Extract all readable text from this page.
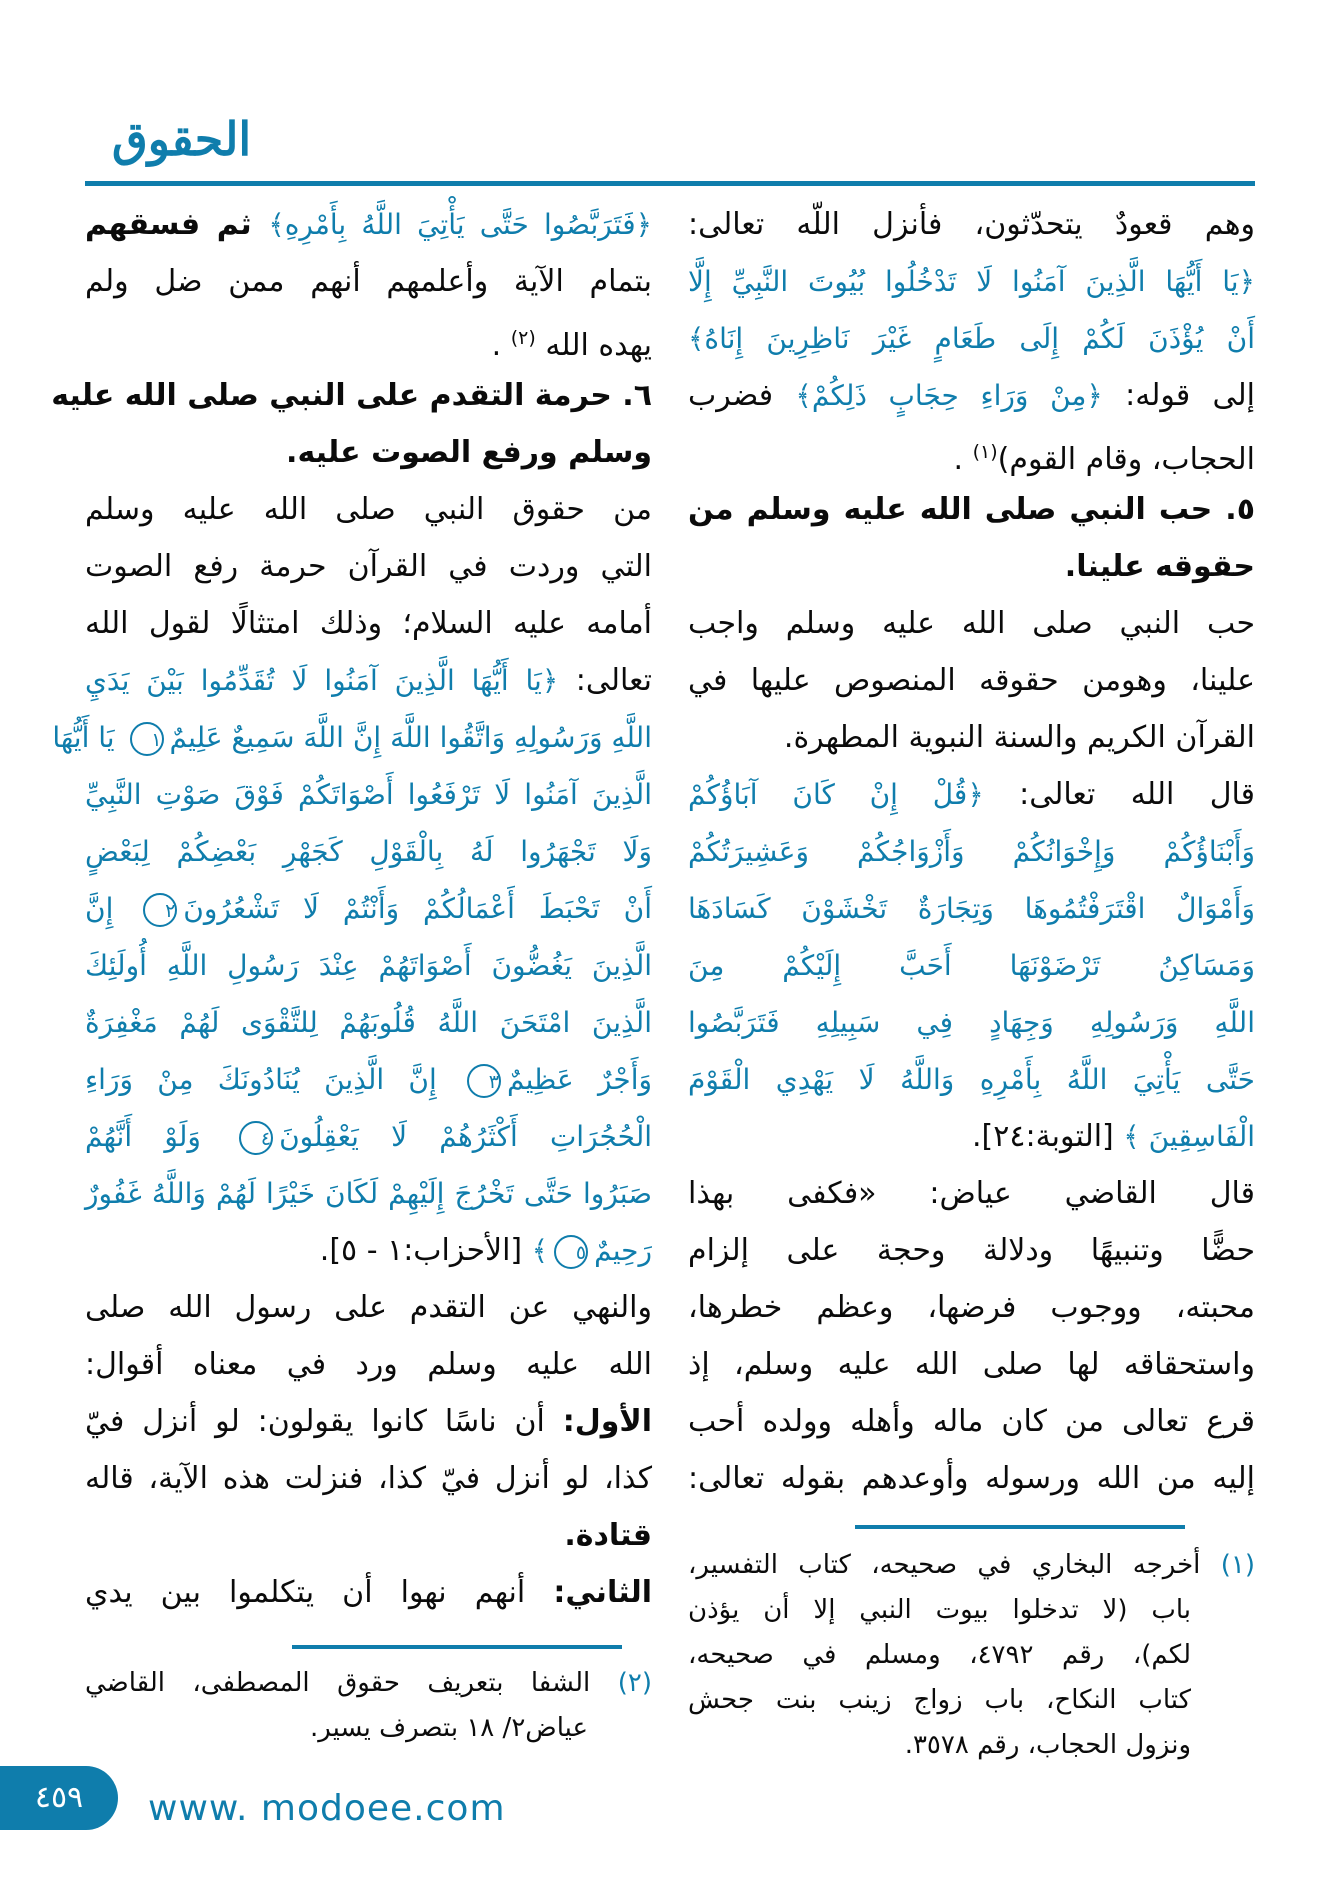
الحقوق
وهم قعودٌ يتحدّثون، فأنزل اللّه تعالى:
﴿يَا أَيُّهَا الَّذِينَ آمَنُوا لَا تَدْخُلُوا بُيُوتَ النَّبِيِّ إِلَّا
أَنْ يُؤْذَنَ لَكُمْ إِلَى طَعَامٍ غَيْرَ نَاظِرِينَ إِنَاهُ﴾
إلى قوله: ﴿مِنْ وَرَاءِ حِجَابٍ ذَلِكُمْ﴾ فضرب
الحجاب، وقام القوم)$^{(١)}$ .
٥. حب النبي صلى الله عليه وسلم من
حقوقه علينا.
حب النبي صلى الله عليه وسلم واجب
علينا، وهومن حقوقه المنصوص عليها في
القرآن الكريم والسنة النبوية المطهرة.
قال الله تعالى: ﴿قُلْ إِنْ كَانَ آبَاؤُكُمْ
وَأَبْنَاؤُكُمْ وَإِخْوَانُكُمْ وَأَزْوَاجُكُمْ وَعَشِيرَتُكُمْ
وَأَمْوَالٌ اقْتَرَفْتُمُوهَا وَتِجَارَةٌ تَخْشَوْنَ كَسَادَهَا
وَمَسَاكِنُ تَرْضَوْنَهَا أَحَبَّ إِلَيْكُمْ مِنَ
اللَّهِ وَرَسُولِهِ وَجِهَادٍ فِي سَبِيلِهِ فَتَرَبَّصُوا
حَتَّى يَأْتِيَ اللَّهُ بِأَمْرِهِ وَاللَّهُ لَا يَهْدِي الْقَوْمَ
الْفَاسِقِينَ ﴾ [التوبة:٢٤].
قال القاضي عياض: «فكفى بهذا
حضًّا وتنبيهًا ودلالة وحجة على إلزام
محبته، ووجوب فرضها، وعظم خطرها،
واستحقاقه لها صلى الله عليه وسلم، إذ
قرع تعالى من كان ماله وأهله وولده أحب
إليه من الله ورسوله وأوعدهم بقوله تعالى:
(١) أخرجه البخاري في صحيحه، كتاب التفسير،
باب (لا تدخلوا بيوت النبي إلا أن يؤذن
لكم)، رقم ٤٧٩٢، ومسلم في صحيحه،
كتاب النكاح، باب زواج زينب بنت جحش
ونزول الحجاب، رقم ٣٥٧٨.
﴿فَتَرَبَّصُوا حَتَّى يَأْتِيَ اللَّهُ بِأَمْرِهِ﴾ ثم فسقهم
بتمام الآية وأعلمهم أنهم ممن ضل ولم
يهده الله $^{(٢)}$ .
٦. حرمة التقدم على النبي صلى الله عليه
وسلم ورفع الصوت عليه.
من حقوق النبي صلى الله عليه وسلم
التي وردت في القرآن حرمة رفع الصوت
أمامه عليه السلام؛ وذلك امتثالًا لقول الله
تعالى: ﴿يَا أَيُّهَا الَّذِينَ آمَنُوا لَا تُقَدِّمُوا بَيْنَ يَدَيِ
اللَّهِ وَرَسُولِهِ وَاتَّقُوا اللَّهَ إِنَّ اللَّهَ سَمِيعٌ عَلِيمٌ١ يَا أَيُّهَا
الَّذِينَ آمَنُوا لَا تَرْفَعُوا أَصْوَاتَكُمْ فَوْقَ صَوْتِ النَّبِيِّ
وَلَا تَجْهَرُوا لَهُ بِالْقَوْلِ كَجَهْرِ بَعْضِكُمْ لِبَعْضٍ
أَنْ تَحْبَطَ أَعْمَالُكُمْ وَأَنْتُمْ لَا تَشْعُرُونَ٢ إِنَّ
الَّذِينَ يَغُضُّونَ أَصْوَاتَهُمْ عِنْدَ رَسُولِ اللَّهِ أُولَئِكَ
الَّذِينَ امْتَحَنَ اللَّهُ قُلُوبَهُمْ لِلتَّقْوَى لَهُمْ مَغْفِرَةٌ
وَأَجْرٌ عَظِيمٌ٣ إِنَّ الَّذِينَ يُنَادُونَكَ مِنْ وَرَاءِ
الْحُجُرَاتِ أَكْثَرُهُمْ لَا يَعْقِلُونَ٤ وَلَوْ أَنَّهُمْ
صَبَرُوا حَتَّى تَخْرُجَ إِلَيْهِمْ لَكَانَ خَيْرًا لَهُمْ وَاللَّهُ غَفُورٌ
رَحِيمٌ٥﴾ [الأحزاب:١ - ٥].
والنهي عن التقدم على رسول الله صلى
الله عليه وسلم ورد في معناه أقوال:
الأول: أن ناسًا كانوا يقولون: لو أنزل فيّ
كذا، لو أنزل فيّ كذا، فنزلت هذه الآية، قاله
قتادة.
الثاني: أنهم نهوا أن يتكلموا بين يدي
(٢) الشفا بتعريف حقوق المصطفى، القاضي
عياض٢/ ١٨ بتصرف يسير.
٤٥٩	www. modoee.com
